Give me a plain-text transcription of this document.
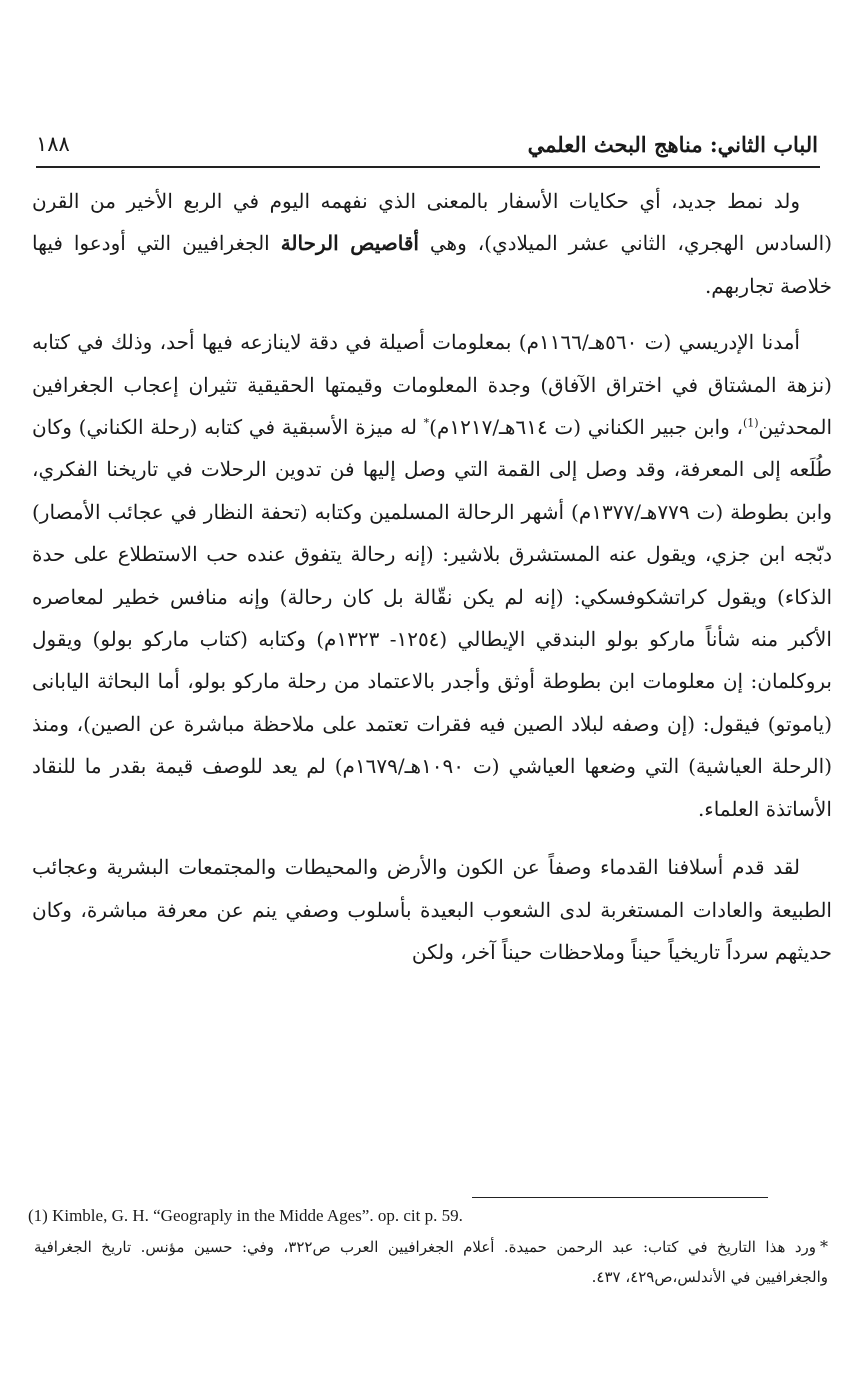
الباب الثاني: مناهج البحث العلمي
١٨٨

ولد نمط جديد، أي حكايات الأسفار بالمعنى الذي نفهمه اليوم في الربع الأخير من القرن (السادس الهجري، الثاني عشر الميلادي)، وهي أقاصيص الرحالة الجغرافيين التي أودعوا فيها خلاصة تجاربهم.

أمدنا الإدريسي (ت ٥٦٠هـ/١١٦٦م) بمعلومات أصيلة في دقة لاينازعه فيها أحد، وذلك في كتابه (نزهة المشتاق في اختراق الآفاق) وجدة المعلومات وقيمتها الحقيقية تثيران إعجاب الجغرافين المحدثين$^{(1)}$، وابن جبير الكناني (ت ٦١٤هـ/١٢١٧م)* له ميزة الأسبقية في كتابه (رحلة الكناني) وكان طُلَعه إلى المعرفة، وقد وصل إلى القمة التي وصل إليها فن تدوين الرحلات في تاريخنا الفكري، وابن بطوطة (ت ٧٧٩هـ/١٣٧٧م) أشهر الرحالة المسلمين وكتابه (تحفة النظار في عجائب الأمصار) دبّجه ابن جزي، ويقول عنه المستشرق بلاشير: (إنه رحالة يتفوق عنده حب الاستطلاع على حدة الذكاء) ويقول كراتشكوفسكي: (إنه لم يكن نقّالة بل كان رحالة) وإنه منافس خطير لمعاصره الأكبر منه شأناً ماركو بولو البندقي الإيطالي (١٢٥٤- ١٣٢٣م) وكتابه (كتاب ماركو بولو) ويقول بروكلمان: إن معلومات ابن بطوطة أوثق وأجدر بالاعتماد من رحلة ماركو بولو، أما البحاثة اليابانى (ياموتو) فيقول: (إن وصفه لبلاد الصين فيه فقرات تعتمد على ملاحظة مباشرة عن الصين)، ومنذ (الرحلة العياشية) التي وضعها العياشي (ت ١٠٩٠هـ/١٦٧٩م) لم يعد للوصف قيمة بقدر ما للنقاد الأساتذة العلماء.

لقد قدم أسلافنا القدماء وصفاً عن الكون والأرض والمحيطات والمجتمعات البشرية وعجائب الطبيعة والعادات المستغربة لدى الشعوب البعيدة بأسلوب وصفي ينم عن معرفة مباشرة، وكان حديثهم سرداً تاريخياً حيناً وملاحظات حيناً آخر، ولكن

(1) Kimble, G. H. “Geograply in the Midde Ages”. op. cit p. 59.
*ورد هذا التاريخ في كتاب: عبد الرحمن حميدة. أعلام الجغرافيين العرب ص٣٢٢، وفي: حسين مؤنس. تاريخ الجغرافية والجغرافيين في الأندلس،ص٤٢٩، ٤٣٧.
